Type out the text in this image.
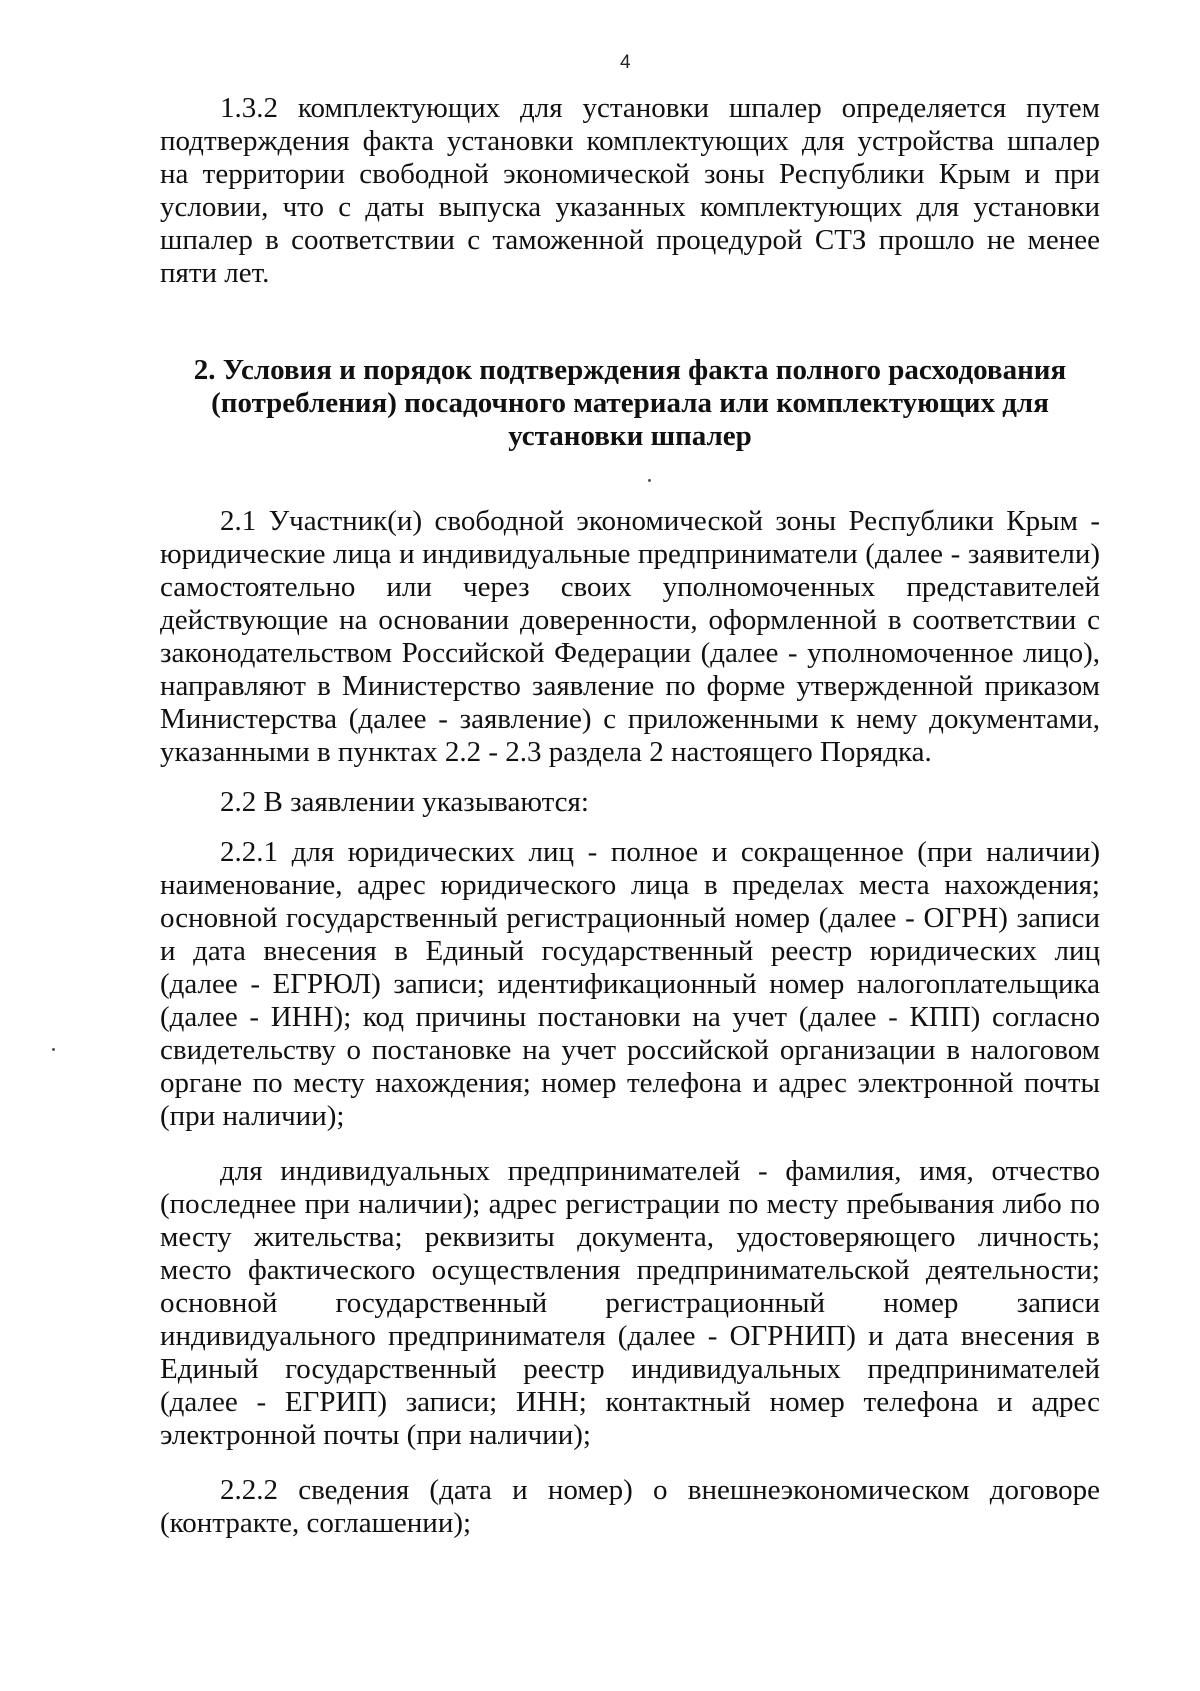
4

1.3.2 комплектующих для установки шпалер определяется путем подтверждения факта установки комплектующих для устройства шпалер на территории свободной экономической зоны Республики Крым и при условии, что с даты выпуска указанных комплектующих для установки шпалер в соответствии с таможенной процедурой СТЗ прошло не менее пяти лет.

2. Условия и порядок подтверждения факта полного расходования (потребления) посадочного материала или комплектующих для установки шпалер

2.1 Участник(и) свободной экономической зоны Республики Крым - юридические лица и индивидуальные предприниматели (далее - заявители) самостоятельно или через своих уполномоченных представителей действующие на основании доверенности, оформленной в соответствии с законодательством Российской Федерации (далее - уполномоченное лицо), направляют в Министерство заявление по форме утвержденной приказом Министерства (далее - заявление) с приложенными к нему документами, указанными в пунктах 2.2 - 2.3 раздела 2 настоящего Порядка.

2.2 В заявлении указываются:

2.2.1 для юридических лиц - полное и сокращенное (при наличии) наименование, адрес юридического лица в пределах места нахождения; основной государственный регистрационный номер (далее - ОГРН) записи и дата внесения в Единый государственный реестр юридических лиц (далее - ЕГРЮЛ) записи; идентификационный номер налогоплательщика (далее - ИНН); код причины постановки на учет (далее - КПП) согласно свидетельству о постановке на учет российской организации в налоговом органе по месту нахождения; номер телефона и адрес электронной почты (при наличии);

для индивидуальных предпринимателей - фамилия, имя, отчество (последнее при наличии); адрес регистрации по месту пребывания либо по месту жительства; реквизиты документа, удостоверяющего личность; место фактического осуществления предпринимательской деятельности; основной государственный регистрационный номер записи индивидуального предпринимателя (далее - ОГРНИП) и дата внесения в Единый государственный реестр индивидуальных предпринимателей (далее - ЕГРИП) записи; ИНН; контактный номер телефона и адрес электронной почты (при наличии);

2.2.2 сведения (дата и номер) о внешнеэкономическом договоре (контракте, соглашении);
